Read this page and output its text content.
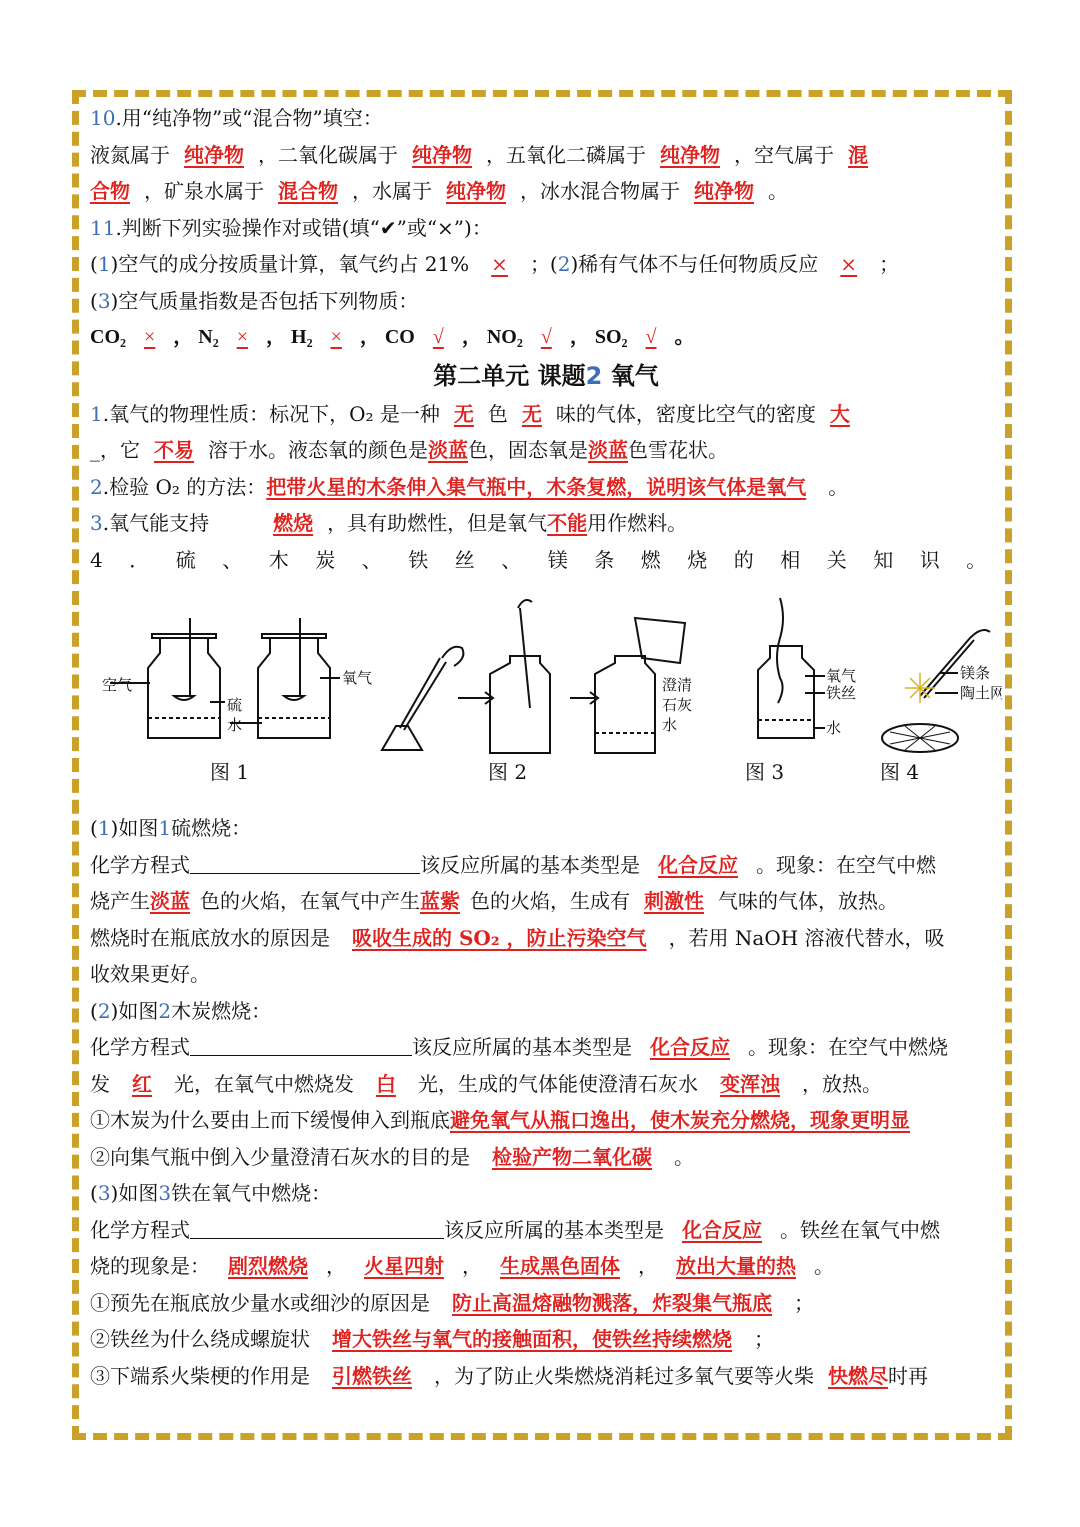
10.用“纯净物”或“混合物”填空：
液氮属于 纯净物 ，二氧化碳属于 纯净物 ，五氧化二磷属于 纯净物 ，空气属于 混
合物 ，矿泉水属于 混合物 ，水属于 纯净物 ，冰水混合物属于 纯净物 。
11.判断下列实验操作对或错(填“✔”或“×”)：
(1)空气的成分按质量计算，氧气约占 21% × ；(2)稀有气体不与任何物质反应 × ；
(3)空气质量指数是否包括下列物质：
CO₂ × ， N₂ × ， H₂ × ， CO √ ， NO₂ √ ， SO₂ √ 。
第二单元 课题2 氧气
1.氧气的物理性质：标况下，O₂ 是一种 无 色 无 味的气体，密度比空气的密度 大
_，它 不易 溶于水。液态氧的颜色是淡蓝色，固态氧是淡蓝色雪花状。
2.检验 O₂ 的方法：把带火星的木条伸入集气瓶中，木条复燃，说明该气体是氧气 。
3.氧气能支持	燃烧 ，具有助燃性，但是氧气不能用作燃料。
4．硫、木炭、铁丝、镁条燃烧的相关知识。
空气
硫
氧气
水
澄清
石灰
水
氧气
铁丝
水
镁条
陶土网
图 1	图 2	图 3	图 4
(1)如图1硫燃烧：
化学方程式	该反应所属的基本类型是 化合反应 。现象：在空气中燃
烧产生淡蓝 色的火焰，在氧气中产生蓝紫 色的火焰，生成有 刺激性 气味的气体，放热。
燃烧时在瓶底放水的原因是 吸收生成的 SO₂ ，防止污染空气 ，若用 NaOH 溶液代替水，吸
收效果更好。
(2)如图2木炭燃烧：
化学方程式	该反应所属的基本类型是 化合反应 。现象：在空气中燃烧
发 红 光，在氧气中燃烧发 白 光，生成的气体能使澄清石灰水 变浑浊 ，放热。
①木炭为什么要由上而下缓慢伸入到瓶底避免氧气从瓶口逸出，使木炭充分燃烧，现象更明显
②向集气瓶中倒入少量澄清石灰水的目的是 检验产物二氧化碳 。
(3)如图3铁在氧气中燃烧：
化学方程式	该反应所属的基本类型是 化合反应 。铁丝在氧气中燃
烧的现象是： 剧烈燃烧 ， 火星四射 ， 生成黑色固体 ， 放出大量的热 。
①预先在瓶底放少量水或细沙的原因是 防止高温熔融物溅落，炸裂集气瓶底 ；
②铁丝为什么绕成螺旋状 增大铁丝与氧气的接触面积，使铁丝持续燃烧 ；
③下端系火柴梗的作用是 引燃铁丝 ，为了防止火柴燃烧消耗过多氧气要等火柴 快燃尽时再
